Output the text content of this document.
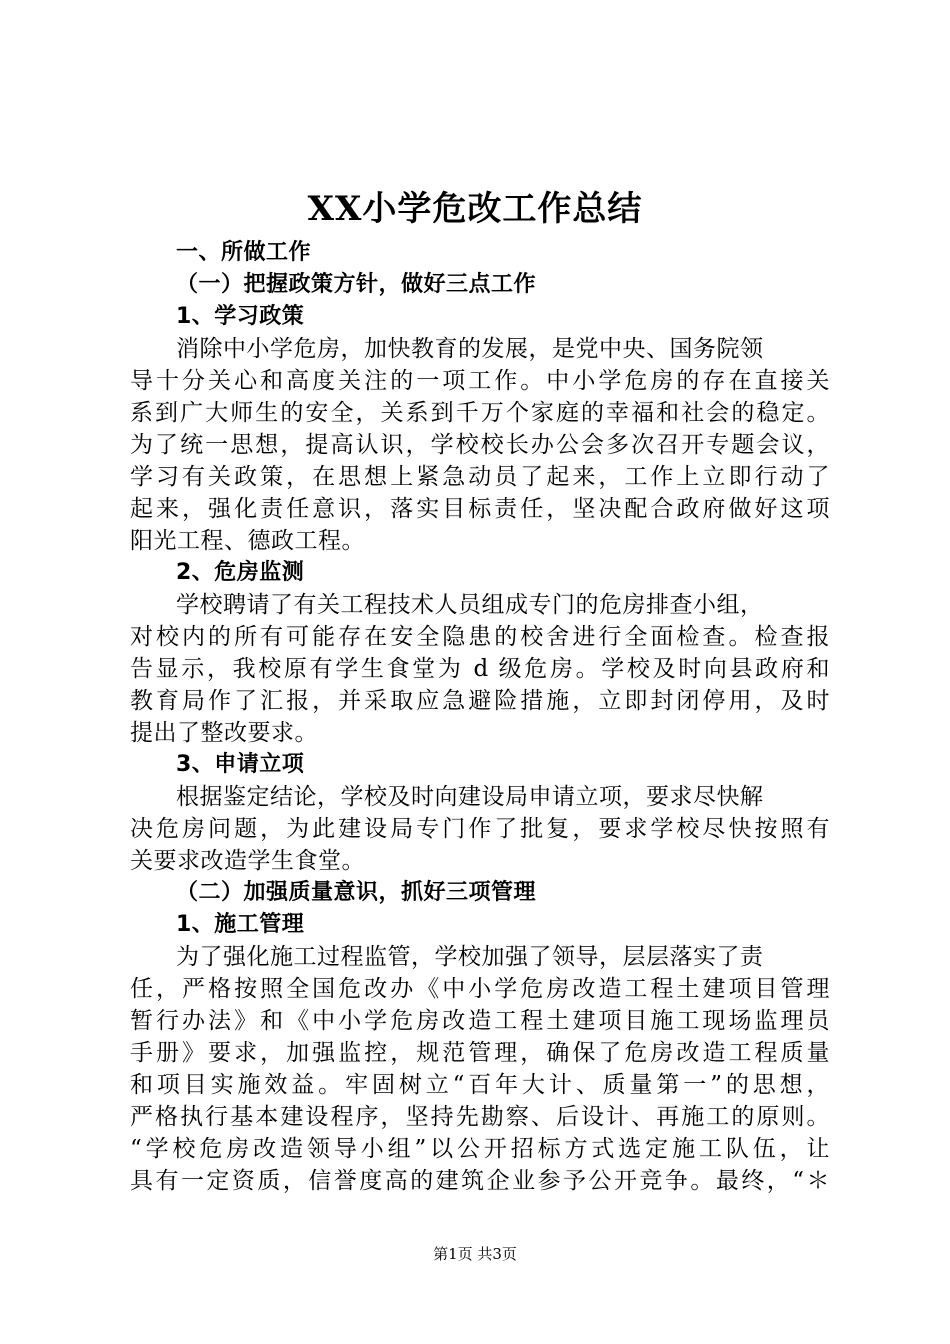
XX小学危改工作总结
一、所做工作
（一）把握政策方针，做好三点工作
1、学习政策
消除中小学危房，加快教育的发展，是党中央、国务院领
导十分关心和高度关注的一项工作。中小学危房的存在直接关
系到广大师生的安全，关系到千万个家庭的幸福和社会的稳定。
为了统一思想，提高认识，学校校长办公会多次召开专题会议，
学习有关政策，在思想上紧急动员了起来，工作上立即行动了
起来，强化责任意识，落实目标责任，坚决配合政府做好这项
阳光工程、德政工程。
2、危房监测
学校聘请了有关工程技术人员组成专门的危房排查小组，
对校内的所有可能存在安全隐患的校舍进行全面检查。检查报
告显示，我校原有学生食堂为 d 级危房。学校及时向县政府和
教育局作了汇报，并采取应急避险措施，立即封闭停用，及时
提出了整改要求。
3、申请立项
根据鉴定结论，学校及时向建设局申请立项，要求尽快解
决危房问题，为此建设局专门作了批复，要求学校尽快按照有
关要求改造学生食堂。
（二）加强质量意识，抓好三项管理
1、施工管理
为了强化施工过程监管，学校加强了领导，层层落实了责
任，严格按照全国危改办《中小学危房改造工程土建项目管理
暂行办法》和《中小学危房改造工程土建项目施工现场监理员
手册》要求，加强监控，规范管理，确保了危房改造工程质量
和项目实施效益。牢固树立“百年大计、质量第一”的思想，
严格执行基本建设程序，坚持先勘察、后设计、再施工的原则。
“学校危房改造领导小组”以公开招标方式选定施工队伍，让
具有一定资质，信誉度高的建筑企业参予公开竞争。最终，“＊
第1页 共3页
